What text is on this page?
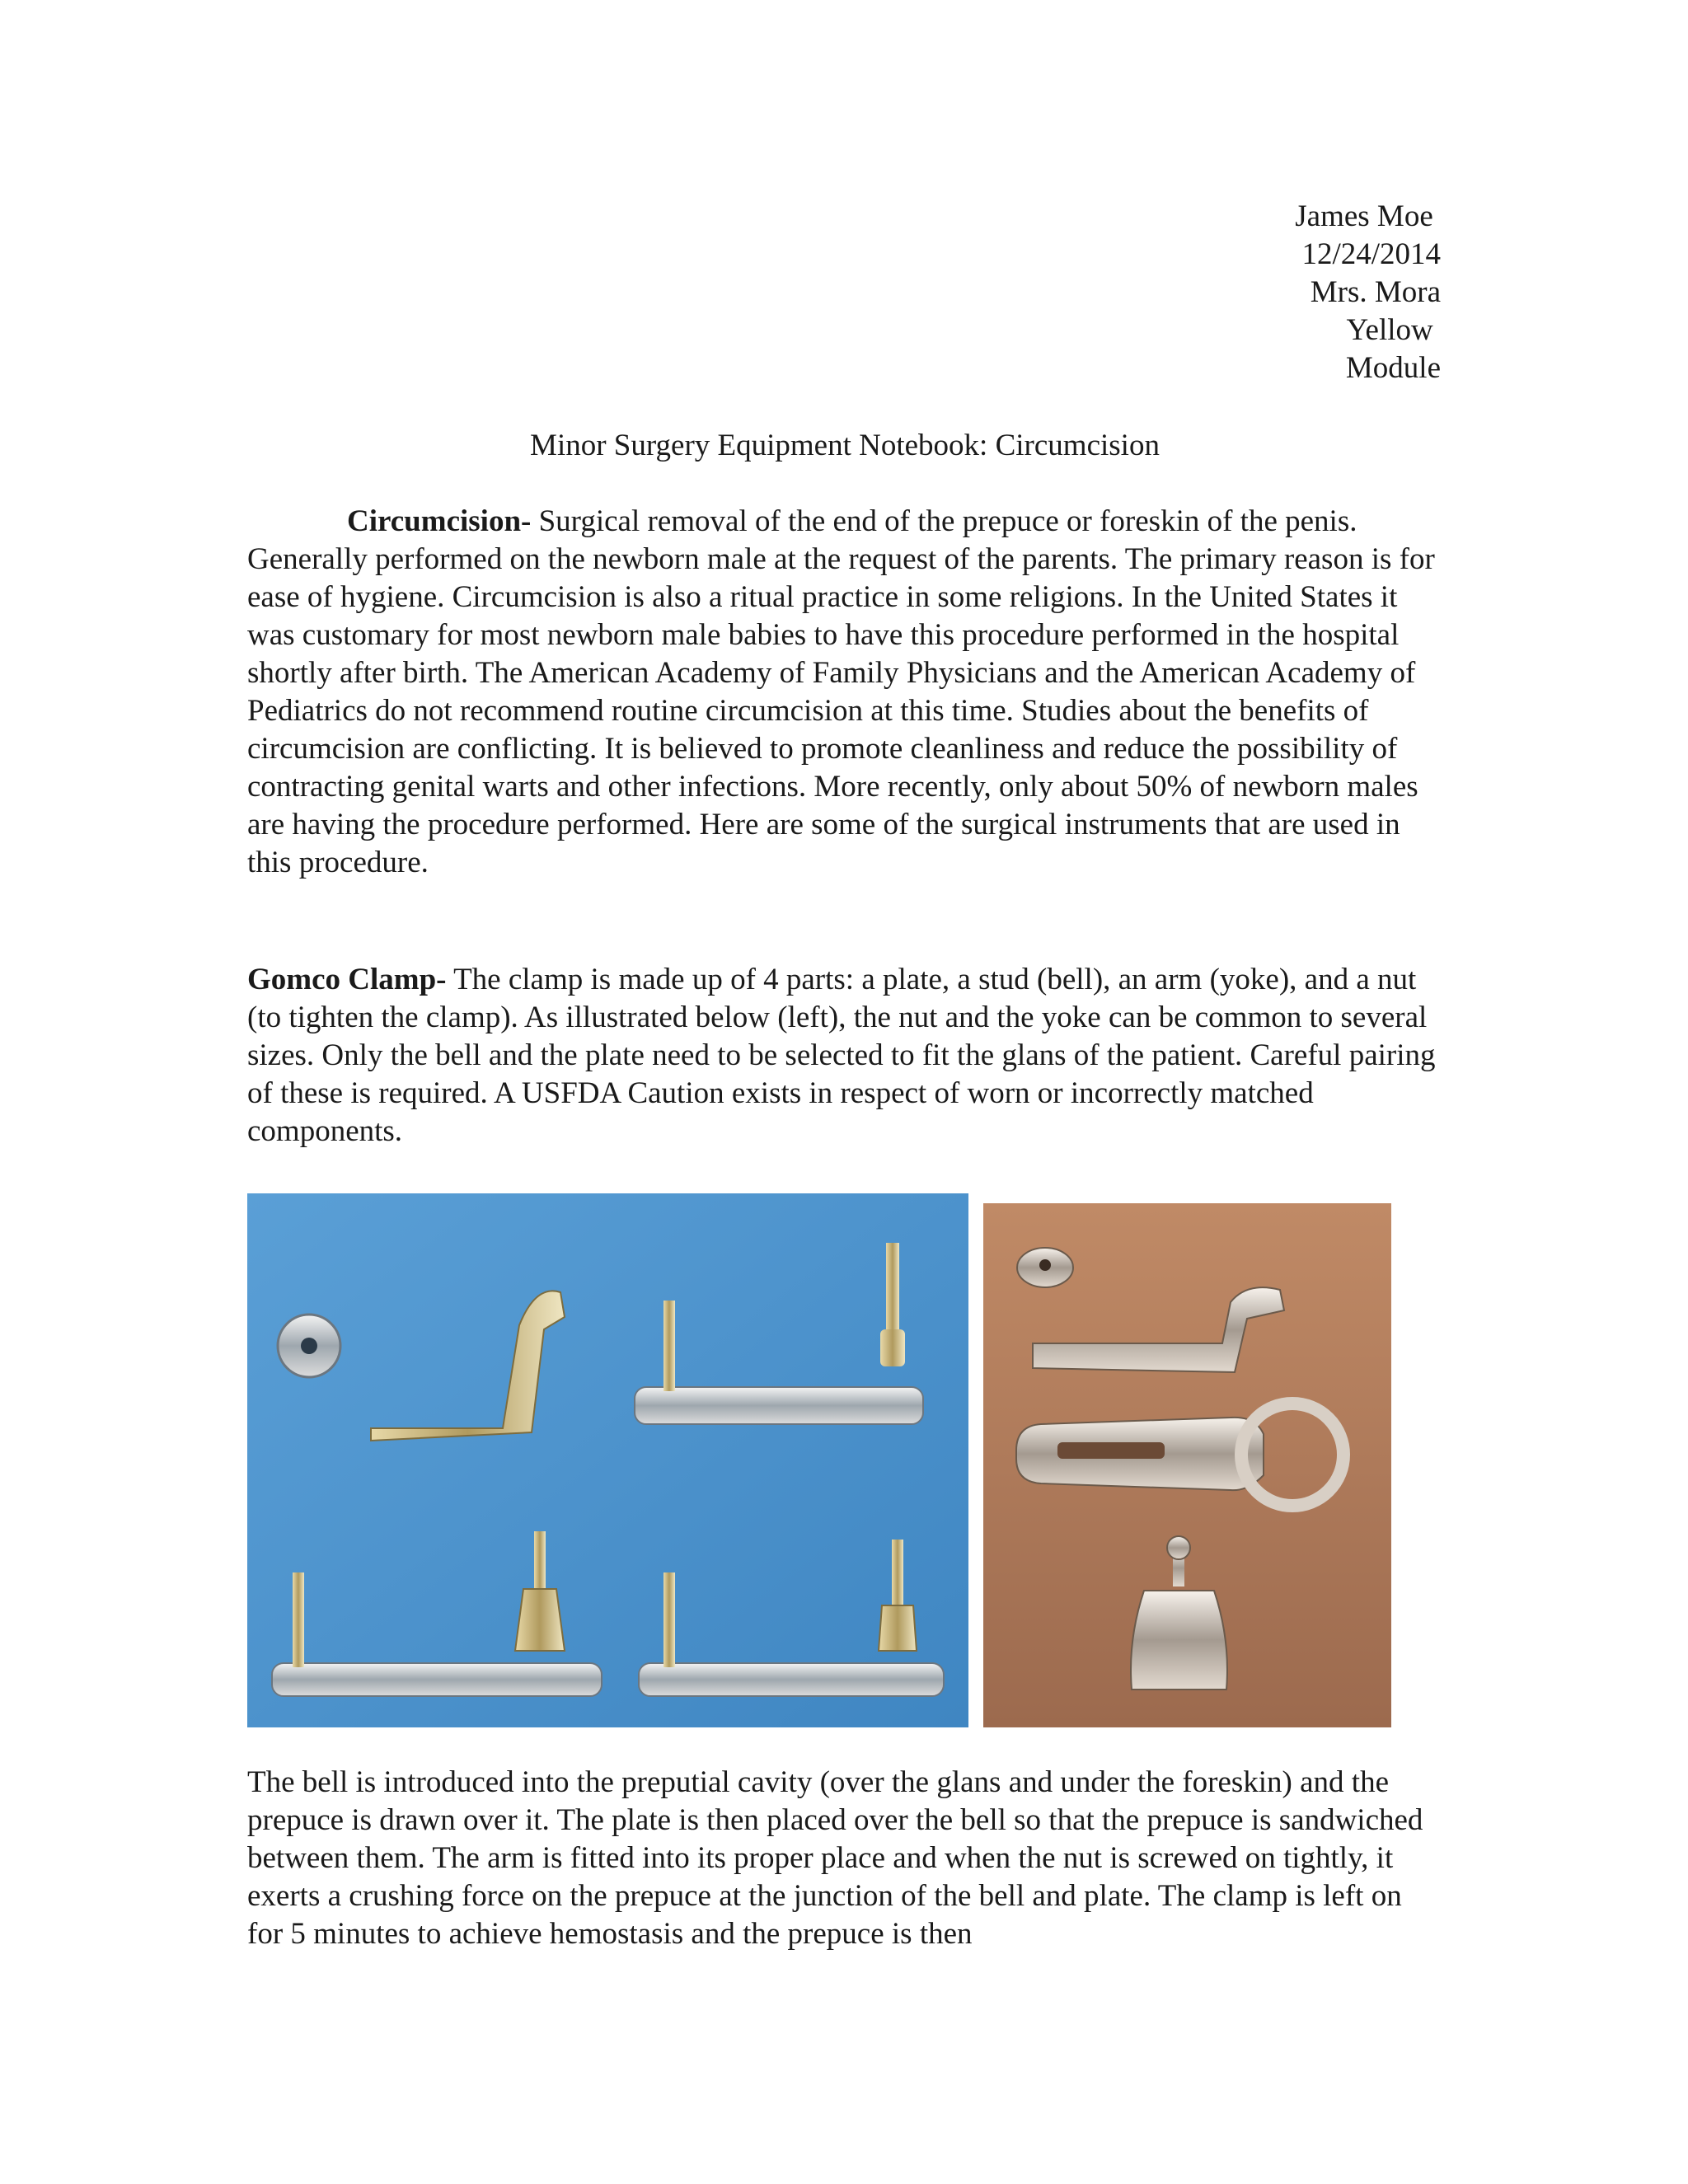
James Moe
12/24/2014
Mrs. Mora
Yellow
Module
Minor Surgery Equipment Notebook: Circumcision

Circumcision- Surgical removal of the end of the prepuce or foreskin of the penis. Generally performed on the newborn male at the request of the parents. The primary reason is for ease of hygiene. Circumcision is also a ritual practice in some religions. In the United States it was customary for most newborn male babies to have this procedure performed in the hospital shortly after birth. The American Academy of Family Physicians and the American Academy of Pediatrics do not recommend routine circumcision at this time. Studies about the benefits of circumcision are conflicting. It is believed to promote cleanliness and reduce the possibility of contracting genital warts and other infections. More recently, only about 50% of newborn males are having the procedure performed. Here are some of the surgical instruments that are used in this procedure.

Gomco Clamp- The clamp is made up of 4 parts: a plate, a stud (bell), an arm (yoke), and a nut (to tighten the clamp). As illustrated below (left), the nut and the yoke can be common to several sizes. Only the bell and the plate need to be selected to fit the glans of the patient. Careful pairing of these is required. A USFDA Caution exists in respect of worn or incorrectly matched components.

The bell is introduced into the preputial cavity (over the glans and under the foreskin) and the prepuce is drawn over it. The plate is then placed over the bell so that the prepuce is sandwiched between them. The arm is fitted into its proper place and when the nut is screwed on tightly, it exerts a crushing force on the prepuce at the junction of the bell and plate. The clamp is left on for 5 minutes to achieve hemostasis and the prepuce is then
